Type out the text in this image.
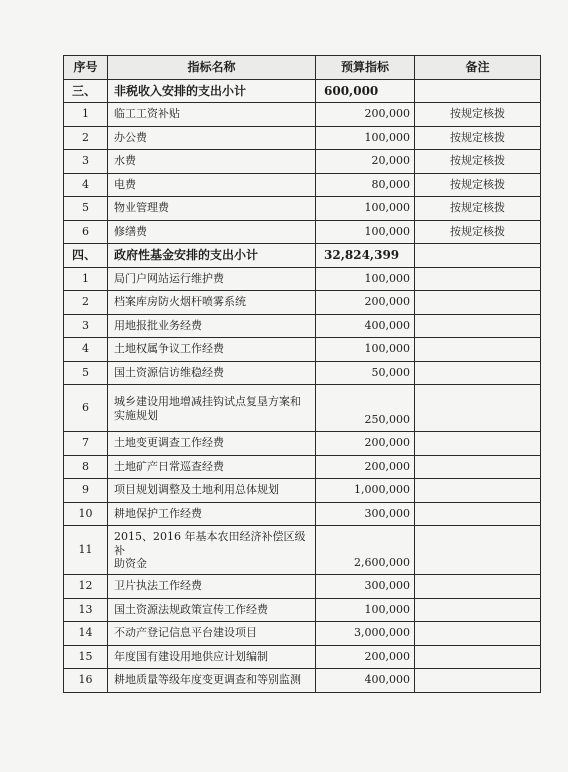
序号	指标名称	预算指标	备注
三、	非税收入安排的支出小计	600,000	
1	临工工资补贴	200,000	按规定核拨
2	办公费	100,000	按规定核拨
3	水费	20,000	按规定核拨
4	电费	80,000	按规定核拨
5	物业管理费	100,000	按规定核拨
6	修缮费	100,000	按规定核拨
四、	政府性基金安排的支出小计	32,824,399	
1	局门户网站运行维护费	100,000	
2	档案库房防火烟杆喷雾系统	200,000	
3	用地报批业务经费	400,000	
4	土地权属争议工作经费	100,000	
5	国土资源信访维稳经费	50,000	
6	城乡建设用地增减挂钩试点复垦方案和
实施规划	250,000	
7	土地变更调查工作经费	200,000	
8	土地矿产日常巡查经费	200,000	
9	项目规划调整及土地利用总体规划	1,000,000	
10	耕地保护工作经费	300,000	
11	2015、2016 年基本农田经济补偿区级补
助资金	2,600,000	
12	卫片执法工作经费	300,000	
13	国土资源法规政策宣传工作经费	100,000	
14	不动产登记信息平台建设项目	3,000,000	
15	年度国有建设用地供应计划编制	200,000	
16	耕地质量等级年度变更调查和等别监测	400,000	
